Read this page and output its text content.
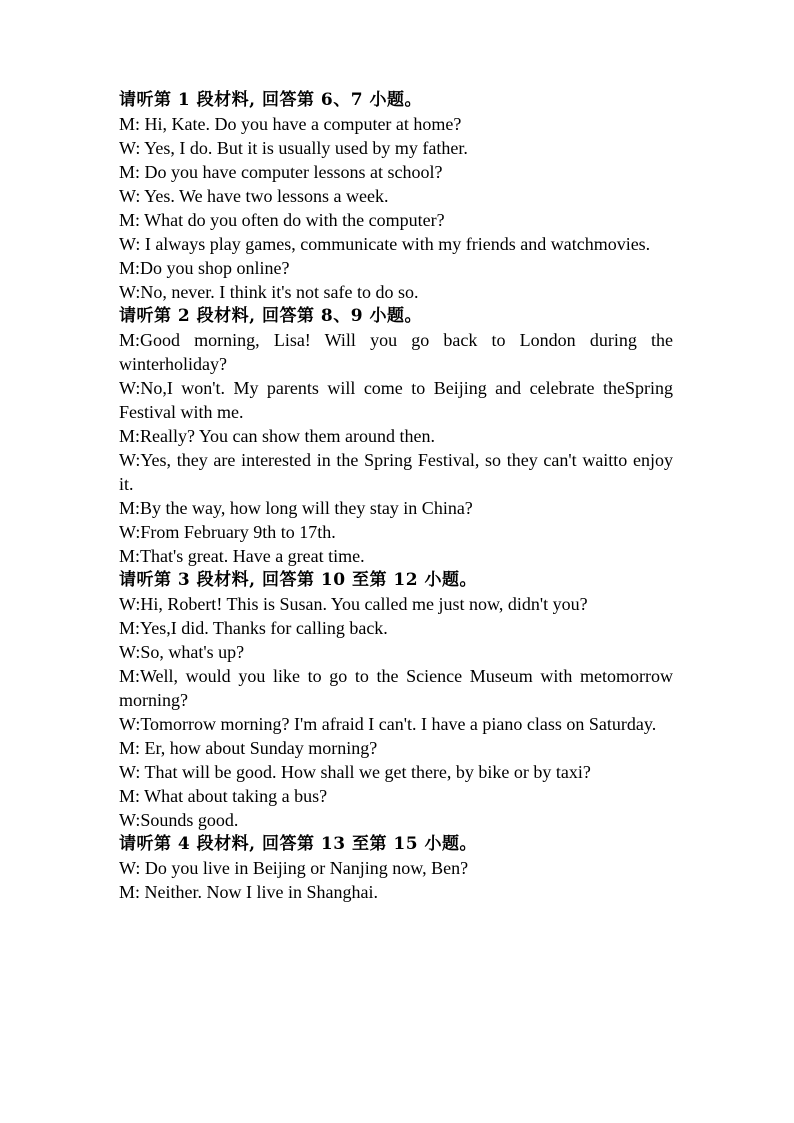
请听第 1 段材料, 回答第 6、7 小题。
M: Hi, Kate. Do you have a computer at home?
W: Yes, I do. But it is usually used by my father.
M: Do you have computer lessons at school?
W: Yes. We have two lessons a week.
M: What do you often do with the computer?
W: I always play games, communicate with my friends and watchmovies.
M:Do you shop online?
W:No, never. I think it's not safe to do so.
请听第 2 段材料, 回答第 8、9 小题。
M:Good morning, Lisa! Will you go back to London during the winterholiday?
W:No,I won't. My parents will come to Beijing and celebrate theSpring Festival with me.
M:Really? You can show them around then.
W:Yes, they are interested in the Spring Festival, so they can't waitto enjoy it.
M:By the way, how long will they stay in China?
W:From February 9th to 17th.
M:That's great. Have a great time.
请听第 3 段材料, 回答第 10 至第 12 小题。
W:Hi, Robert! This is Susan. You called me just now, didn't you?
M:Yes,I did. Thanks for calling back.
W:So, what's up?
M:Well, would you like to go to the Science Museum with metomorrow morning?
W:Tomorrow morning? I'm afraid I can't. I have a piano class on Saturday.
M: Er, how about Sunday morning?
W: That will be good. How shall we get there, by bike or by taxi?
M: What about taking a bus?
W:Sounds good.
请听第 4 段材料, 回答第 13 至第 15 小题。
W: Do you live in Beijing or Nanjing now, Ben?
M: Neither. Now I live in Shanghai.
